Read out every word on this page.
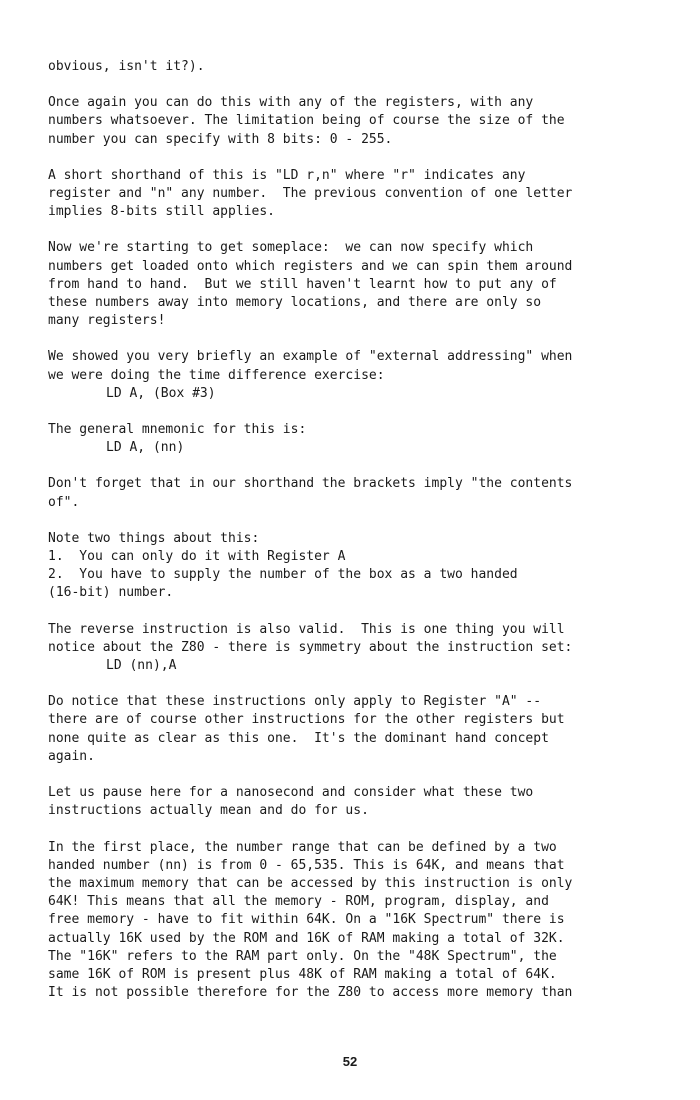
obvious, isn't it?).

Once again you can do this with any of the registers, with any
numbers whatsoever. The limitation being of course the size of the
number you can specify with 8 bits: 0 - 255.

A short shorthand of this is "LD r,n" where "r" indicates any
register and "n" any number.  The previous convention of one letter
implies 8-bits still applies.

Now we're starting to get someplace:  we can now specify which
numbers get loaded onto which registers and we can spin them around
from hand to hand.  But we still haven't learnt how to put any of
these numbers away into memory locations, and there are only so
many registers!

We showed you very briefly an example of "external addressing" when
we were doing the time difference exercise:

LD A, (Box #3)

The general mnemonic for this is:

LD A, (nn)

Don't forget that in our shorthand the brackets imply "the contents
of".

Note two things about this:
1.  You can only do it with Register A
2.  You have to supply the number of the box as a two handed
(16-bit) number.

The reverse instruction is also valid.  This is one thing you will
notice about the Z80 - there is symmetry about the instruction set:

LD (nn),A

Do notice that these instructions only apply to Register "A" --
there are of course other instructions for the other registers but
none quite as clear as this one.  It's the dominant hand concept
again.

Let us pause here for a nanosecond and consider what these two
instructions actually mean and do for us.

In the first place, the number range that can be defined by a two
handed number (nn) is from 0 - 65,535. This is 64K, and means that
the maximum memory that can be accessed by this instruction is only
64K! This means that all the memory - ROM, program, display, and
free memory - have to fit within 64K. On a "16K Spectrum" there is
actually 16K used by the ROM and 16K of RAM making a total of 32K.
The "16K" refers to the RAM part only. On the "48K Spectrum", the
same 16K of ROM is present plus 48K of RAM making a total of 64K.
It is not possible therefore for the Z80 to access more memory than

52
